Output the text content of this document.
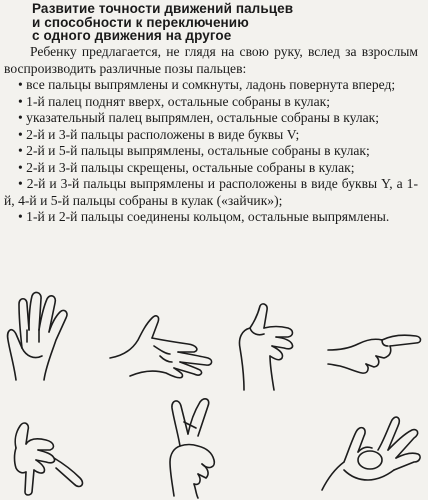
Развитие точности движений пальцев
и способности к переключению
с одного движения на другое

Ребенку предлагается, не глядя на свою руку, вслед за взрослым воспроизводить различные позы пальцев:

• все пальцы выпрямлены и сомкнуты, ладонь повернута вперед;

• 1-й палец поднят вверх, остальные собраны в кулак;

• указательный палец выпрямлен, остальные собраны в кулак;

• 2-й и 3-й пальцы расположены в виде буквы V;

• 2-й и 5-й пальцы выпрямлены, остальные собраны в кулак;

• 2-й и 3-й пальцы скрещены, остальные собраны в кулак;

• 2-й и 3-й пальцы выпрямлены и расположены в виде буквы Y, а 1-й, 4-й и 5-й пальцы собраны в кулак («зайчик»);

• 1-й и 2-й пальцы соединены кольцом, остальные выпрямлены.
